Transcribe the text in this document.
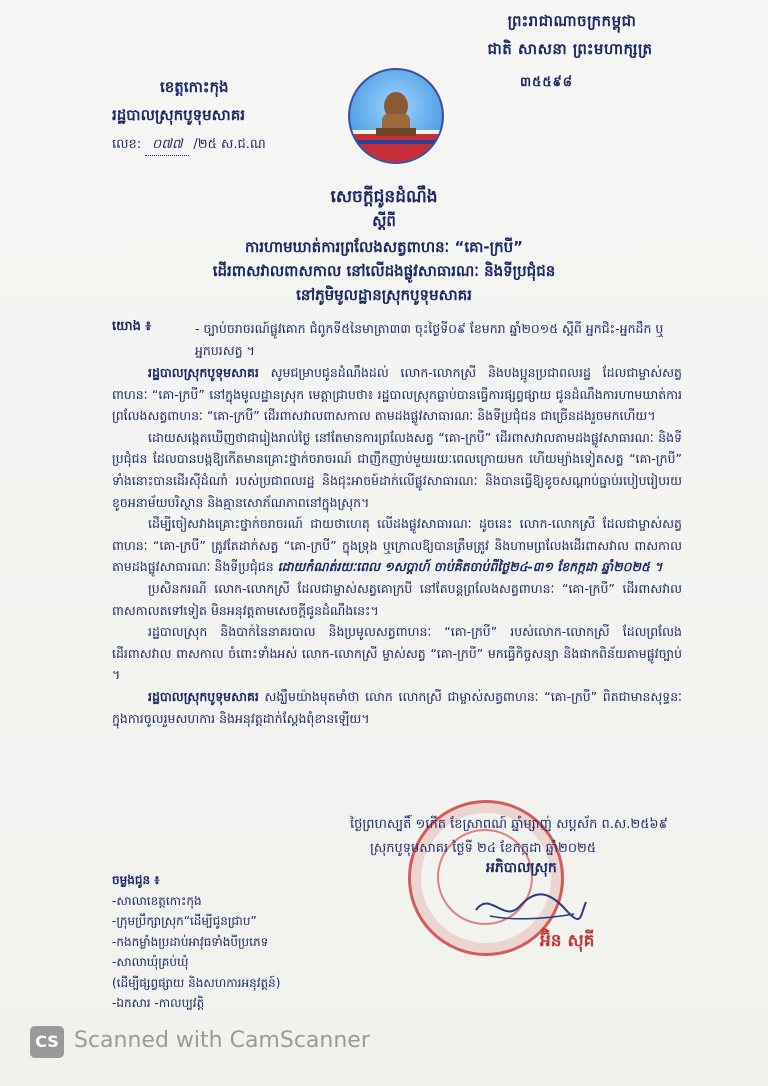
ព្រះរាជាណាចក្រកម្ពុជា
ជាតិ សាសនា ព្រះមហាក្សត្រ
៣៥៥៩៨
ខេត្តកោះកុង
រដ្ឋបាលស្រុកបូទុមសាគរ
លេខ: ០៧៧ /២៥ ស.ជ.ណ
សេចក្ដីជូនដំណឹង
ស្ដីពី
ការហាមឃាត់ការព្រលែងសត្វពាហនៈ “គោ-ក្របី”
ដើរពាសវាលពាសកាល នៅលើដងផ្លូវសាធារណៈ និងទីប្រជុំជន
នៅភូមិមូលដ្ឋានស្រុកបូទុមសាគរ
យោង ៖	- ច្បាប់ចរាចរណ៍ផ្លូវគោក ជំពូកទី៥នៃមាត្រា៣៣ ចុះថ្ងៃទី០៩ ខែមករា ឆ្នាំ២០១៥ ស្ដីពី អ្នកជិះ-អ្នកដឹក ឬអ្នកបរសត្វ ។

រដ្ឋបាលស្រុកបូទុមសាគរ សូមជម្រាបជូនដំណឹងដល់ លោក-លោកស្រី និងបងប្អូនប្រជាពលរដ្ឋ ដែលជាម្ចាស់សត្វពាហនៈ “គោ-ក្របី” នៅក្នុងមូលដ្ឋានស្រុក មេត្តាជ្រាបថា៖ រដ្ឋបាលស្រុកធ្លាប់បានធ្វើការផ្សព្វផ្សាយ ជូនដំណឹងការហាមឃាត់ការព្រលែងសត្វពាហនៈ “គោ-ក្របី” ដើរពាសវាលពាសកាល តាមដងផ្លូវសាធារណៈ និងទីប្រជុំជន ជាច្រើនដងរួចមកហើយ។

ដោយសង្កេតឃើញថាជារៀងរាល់ថ្ងៃ នៅតែមានការព្រលែងសត្វ “គោ-ក្របី” ដើរពាសវាលតាមដងផ្លូវសាធារណៈ និងទីប្រជុំជន ដែលបានបង្កឱ្យកើតមានគ្រោះថ្នាក់ចរាចរណ៍ ជាញឹកញាប់មួយរយៈពេលក្រោយមក ហើយម្យ៉ាងទៀតសត្វ “គោ-ក្របី” ទាំងនោះបានដើរស៊ីដំណាំ របស់ប្រជាពលរដ្ឋ និងជុះអាចម៍ដាក់លើផ្លូវសាធារណៈ និងបានធ្វើឱ្យខូចសណ្ដាប់ធ្នាប់របៀបរៀបរយ ខូចអនាម័យបរិស្ថាន និងគ្មានសោភ័ណភាពនៅក្នុងស្រុក។

ដើម្បីចៀសវាងគ្រោះថ្នាក់ចរាចរណ៍ ជាយថាហេតុ លើដងផ្លូវសាធារណៈ ដូចនេះ លោក-លោកស្រី ដែលជាម្ចាស់សត្វពាហនៈ “គោ-ក្របី” ត្រូវតែដាក់សត្វ “គោ-ក្របី” ក្នុងទ្រុង ឬក្រោលឱ្យបានត្រឹមត្រូវ និងហាមព្រលែងដើរពាសវាល ពាសកាល តាមដងផ្លូវសាធារណៈ និងទីប្រជុំជន ដោយកំណត់រយៈពេល ១សប្ដាហ៍ ចាប់គិតចាប់ពីថ្ងៃ២៤-៣១ ខែកក្កដា ឆ្នាំ២០២៥ ។

ប្រសិនករណី លោក-លោកស្រី ដែលជាម្ចាស់សត្វគោក្របី នៅតែបន្តព្រលែងសត្វពាហនៈ “គោ-ក្របី” ដើរពាសវាល ពាសកាលតទៅទៀត មិនអនុវត្តតាមសេចក្ដីជូនដំណឹងនេះ។

រដ្ឋបាលស្រុក និងបាក់នៃនាគរបាល និងប្រមូលសត្វពាហនៈ “គោ-ក្របី” របស់លោក-លោកស្រី ដែលព្រលែងដើរពាសវាល ពាសកាល ចំពោះទាំងអស់ លោក-លោកស្រី ម្ចាស់សត្វ “គោ-ក្របី” មកធ្វើកិច្ចសន្យា និងផាកពិន័យតាមផ្លូវច្បាប់ ។

រដ្ឋបាលស្រុកបូទុមសាគរ សង្ឃឹមយ៉ាងមុតមាំថា លោក លោកស្រី ជាម្ចាស់សត្វពាហនៈ “គោ-ក្របី” ពិតជាមានសុទ្ធនៈក្នុងការចូលរួមសហការ និងអនុវត្តដាក់ស្ដែងពុំខានឡើយ។

ថ្ងៃព្រហស្បតិ៍ ១កើត ខែស្រាពណ៍ ឆ្នាំម្សាញ់ សប្ដស័ក ព.ស.២៥៦៩
ស្រុកបូទុមសាគរ ថ្ងៃទី ២៤ ខែកក្កដា ឆ្នាំ២០២៥
អភិបាលស្រុក
អ៊ិន សុគី
ចម្លងជូន ៖
-សាលាខេត្តកោះកុង
-ក្រុមប្រឹក្សាស្រុក“ដើម្បីជូនជ្រាប”
-កងកម្លាំងប្រដាប់អាវុធទាំងបីប្រភេទ
-សាលាឃុំគ្រប់ឃុំ
(ដើម្បីផ្សព្វផ្សាយ និងសហការអនុវត្តន៍)
-ឯកសារ -កាលប្បវត្តិ
CS Scanned with CamScanner
